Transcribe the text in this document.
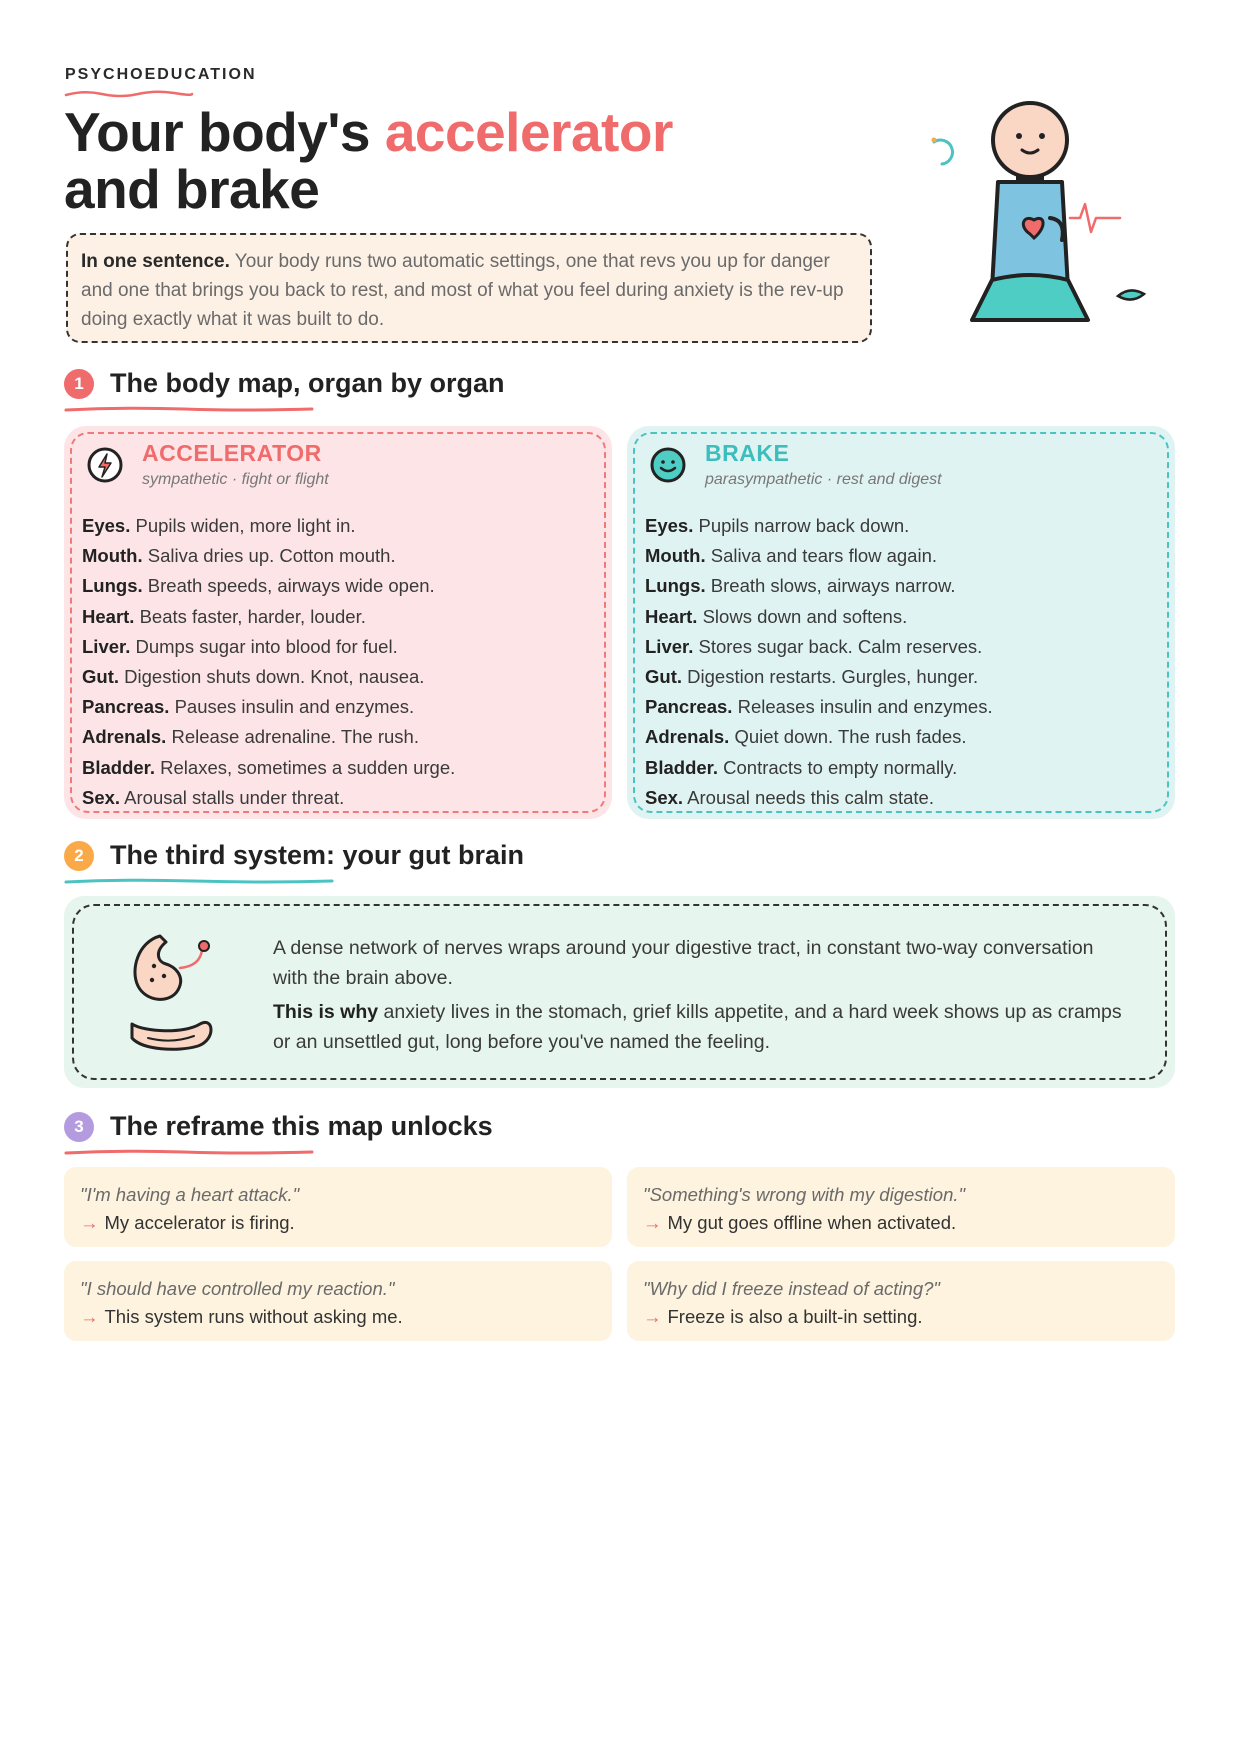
PSYCHOEDUCATION
Your body's accelerator
and brake
In one sentence. Your body runs two automatic settings, one that revs you up for danger and one that brings you back to rest, and most of what you feel during anxiety is the rev-up doing exactly what it was built to do.
1 The body map, organ by organ
ACCELERATOR
sympathetic · fight or flight
Eyes. Pupils widen, more light in.
Mouth. Saliva dries up. Cotton mouth.
Lungs. Breath speeds, airways wide open.
Heart. Beats faster, harder, louder.
Liver. Dumps sugar into blood for fuel.
Gut. Digestion shuts down. Knot, nausea.
Pancreas. Pauses insulin and enzymes.
Adrenals. Release adrenaline. The rush.
Bladder. Relaxes, sometimes a sudden urge.
Sex. Arousal stalls under threat.
BRAKE
parasympathetic · rest and digest
Eyes. Pupils narrow back down.
Mouth. Saliva and tears flow again.
Lungs. Breath slows, airways narrow.
Heart. Slows down and softens.
Liver. Stores sugar back. Calm reserves.
Gut. Digestion restarts. Gurgles, hunger.
Pancreas. Releases insulin and enzymes.
Adrenals. Quiet down. The rush fades.
Bladder. Contracts to empty normally.
Sex. Arousal needs this calm state.
2 The third system: your gut brain

A dense network of nerves wraps around your digestive tract, in constant two-way conversation with the brain above.

This is why anxiety lives in the stomach, grief kills appetite, and a hard week shows up as cramps or an unsettled gut, long before you've named the feeling.

3 The reframe this map unlocks
"I'm having a heart attack."
→ My accelerator is firing.
"Something's wrong with my digestion."
→ My gut goes offline when activated.
"I should have controlled my reaction."
→ This system runs without asking me.
"Why did I freeze instead of acting?"
→ Freeze is also a built-in setting.
